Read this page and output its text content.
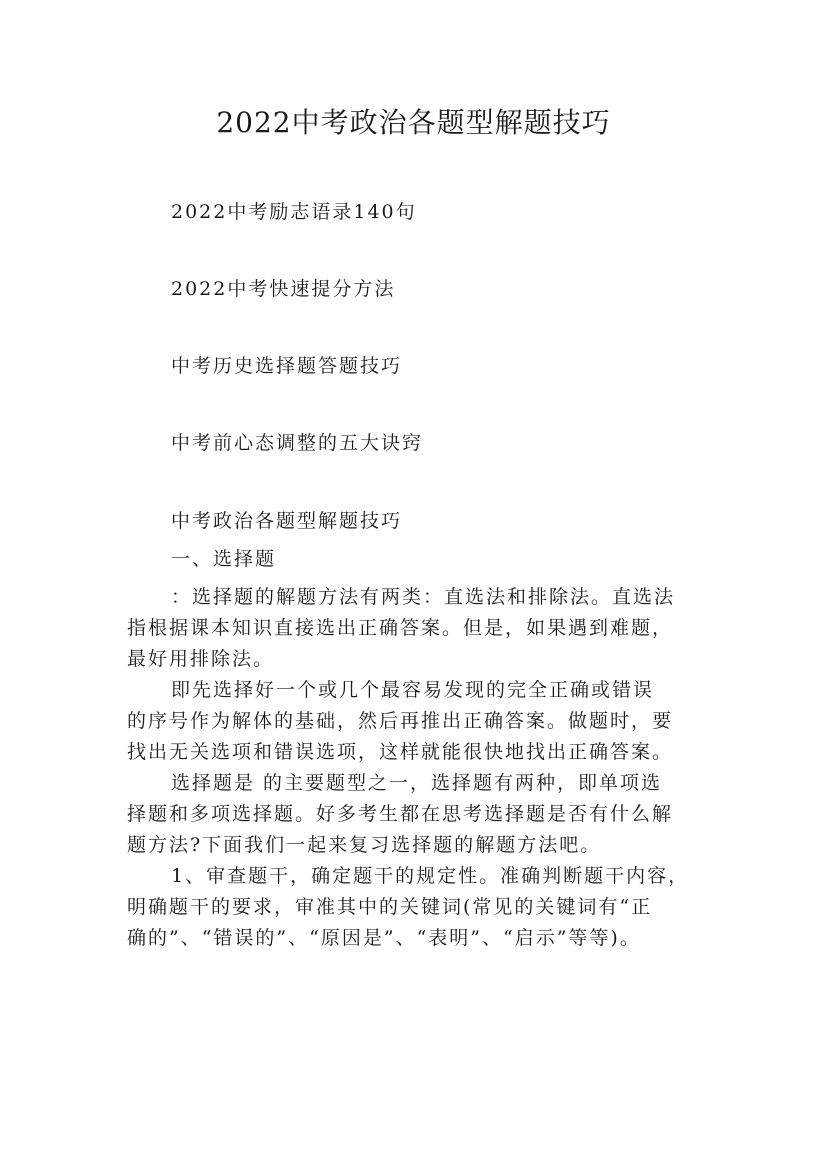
2022中考政治各题型解题技巧
2022中考励志语录140句
2022中考快速提分方法
中考历史选择题答题技巧
中考前心态调整的五大诀窍
中考政治各题型解题技巧
一、选择题

：选择题的解题方法有两类：直选法和排除法。直选法
指根据课本知识直接选出正确答案。但是，如果遇到难题，
最好用排除法。

即先选择好一个或几个最容易发现的完全正确或错误
的序号作为解体的基础，然后再推出正确答案。做题时，要
找出无关选项和错误选项，这样就能很快地找出正确答案。

选择题是 的主要题型之一，选择题有两种，即单项选
择题和多项选择题。好多考生都在思考选择题是否有什么解
题方法?下面我们一起来复习选择题的解题方法吧。

1、审查题干，确定题干的规定性。准确判断题干内容，
明确题干的要求，审准其中的关键词(常见的关键词有“正
确的”、“错误的”、“原因是”、“表明”、“启示”等等)。
